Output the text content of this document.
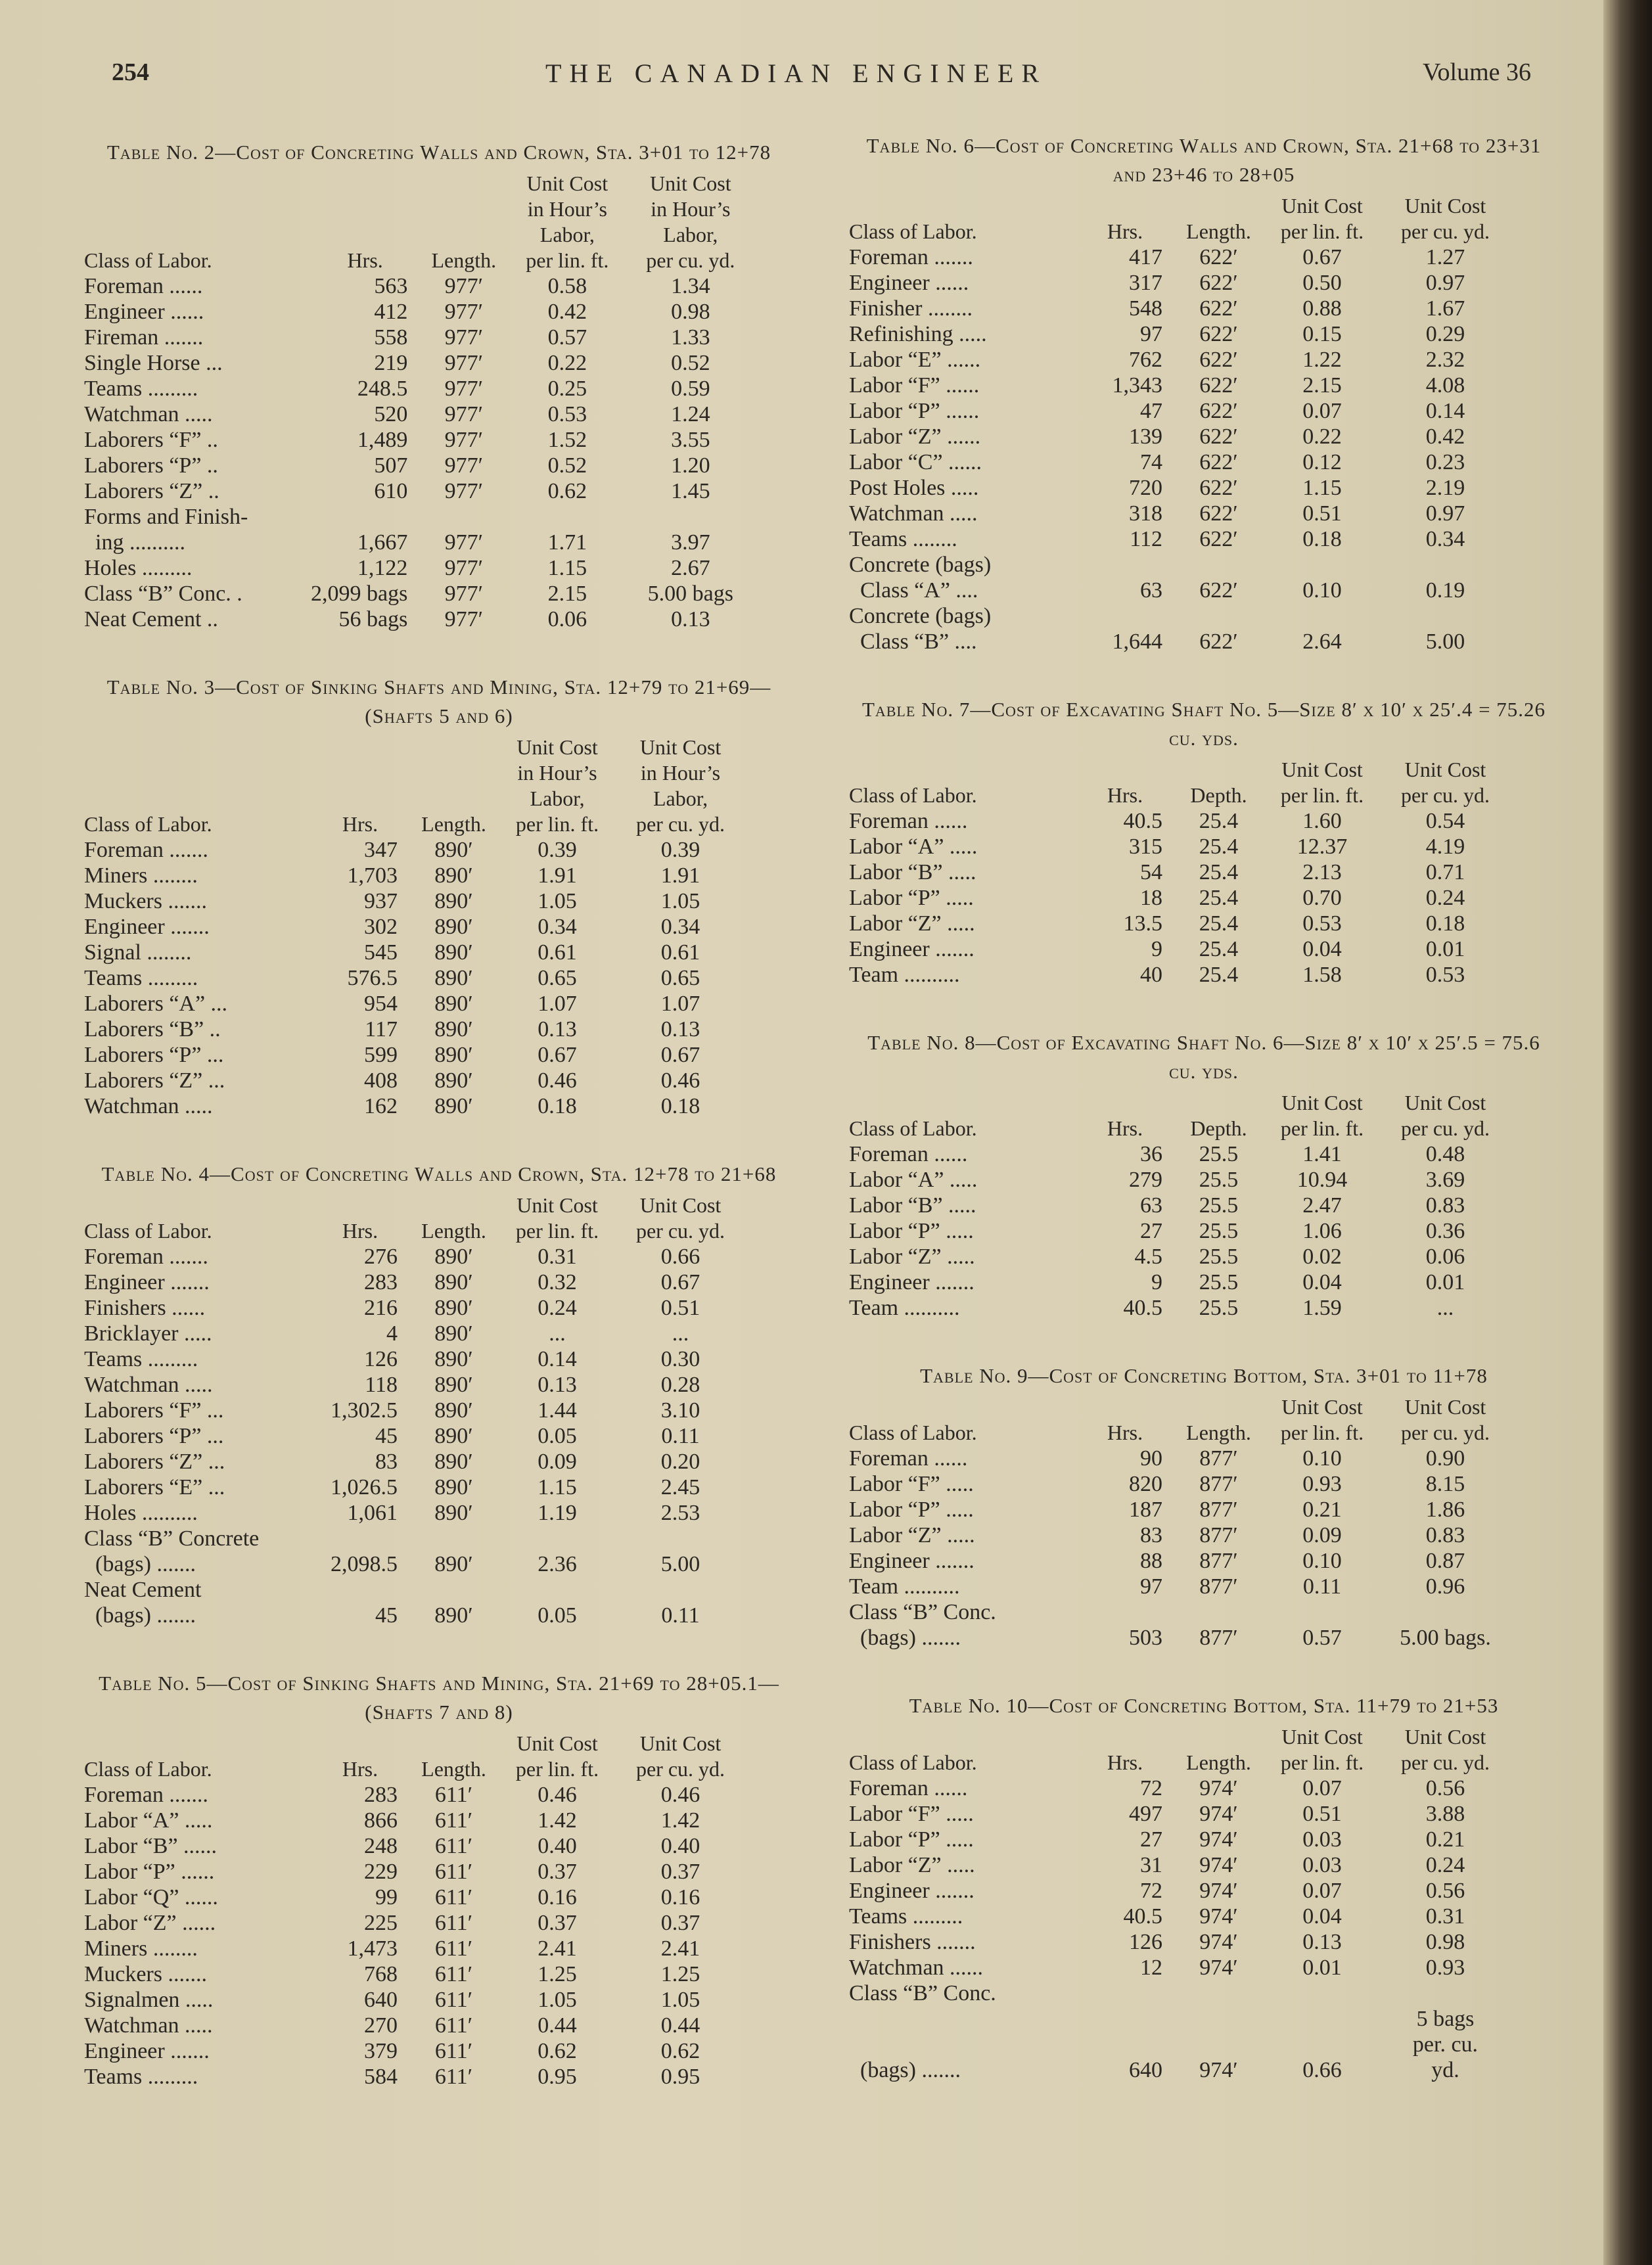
254	THE CANADIAN ENGINEER	Volume 36
Table No. 2—Cost of Concreting Walls and Crown, Sta. 3+01 to 12+78
Class of Labor.	Hrs.	Length.	Unit Cost
in Hour’s
Labor,
per lin. ft.	Unit Cost
in Hour’s
Labor,
per cu. yd.
Foreman ......	563	977′	0.58	1.34
Engineer ......	412	977′	0.42	0.98
Fireman .......	558	977′	0.57	1.33
Single Horse ...	219	977′	0.22	0.52
Teams .........	248.5	977′	0.25	0.59
Watchman .....	520	977′	0.53	1.24
Laborers “F” ..	1,489	977′	1.52	3.55
Laborers “P” ..	507	977′	0.52	1.20
Laborers “Z” ..	610	977′	0.62	1.45
Forms and Finish-				
ing ..........	1,667	977′	1.71	3.97
Holes .........	1,122	977′	1.15	2.67
Class “B” Conc. .	2,099 bags	977′	2.15	5.00 bags
Neat Cement ..	56 bags	977′	0.06	0.13
Table No. 3—Cost of Sinking Shafts and Mining, Sta. 12+79 to 21+69—(Shafts 5 and 6)
Class of Labor.	Hrs.	Length.	Unit Cost
in Hour’s
Labor,
per lin. ft.	Unit Cost
in Hour’s
Labor,
per cu. yd.
Foreman .......	347	890′	0.39	0.39
Miners ........	1,703	890′	1.91	1.91
Muckers .......	937	890′	1.05	1.05
Engineer .......	302	890′	0.34	0.34
Signal ........	545	890′	0.61	0.61
Teams .........	576.5	890′	0.65	0.65
Laborers “A” ...	954	890′	1.07	1.07
Laborers “B” ..	117	890′	0.13	0.13
Laborers “P” ...	599	890′	0.67	0.67
Laborers “Z” ...	408	890′	0.46	0.46
Watchman .....	162	890′	0.18	0.18
Table No. 4—Cost of Concreting Walls and Crown, Sta. 12+78 to 21+68
Class of Labor.	Hrs.	Length.	Unit Cost
per lin. ft.	Unit Cost
per cu. yd.
Foreman .......	276	890′	0.31	0.66
Engineer .......	283	890′	0.32	0.67
Finishers ......	216	890′	0.24	0.51
Bricklayer .....	4	890′	...	...
Teams .........	126	890′	0.14	0.30
Watchman .....	118	890′	0.13	0.28
Laborers “F” ...	1,302.5	890′	1.44	3.10
Laborers “P” ...	45	890′	0.05	0.11
Laborers “Z” ...	83	890′	0.09	0.20
Laborers “E” ...	1,026.5	890′	1.15	2.45
Holes ..........	1,061	890′	1.19	2.53
Class “B” Concrete				
(bags) .......	2,098.5	890′	2.36	5.00
Neat Cement				
(bags) .......	45	890′	0.05	0.11
Table No. 5—Cost of Sinking Shafts and Mining, Sta. 21+69 to 28+05.1—(Shafts 7 and 8)
Class of Labor.	Hrs.	Length.	Unit Cost
per lin. ft.	Unit Cost
per cu. yd.
Foreman .......	283	611′	0.46	0.46
Labor “A” .....	866	611′	1.42	1.42
Labor “B” ......	248	611′	0.40	0.40
Labor “P” ......	229	611′	0.37	0.37
Labor “Q” ......	99	611′	0.16	0.16
Labor “Z” ......	225	611′	0.37	0.37
Miners ........	1,473	611′	2.41	2.41
Muckers .......	768	611′	1.25	1.25
Signalmen .....	640	611′	1.05	1.05
Watchman .....	270	611′	0.44	0.44
Engineer .......	379	611′	0.62	0.62
Teams .........	584	611′	0.95	0.95
Table No. 6—Cost of Concreting Walls and Crown, Sta. 21+68 to 23+31 and 23+46 to 28+05
Class of Labor.	Hrs.	Length.	Unit Cost
per lin. ft.	Unit Cost
per cu. yd.
Foreman .......	417	622′	0.67	1.27
Engineer ......	317	622′	0.50	0.97
Finisher ........	548	622′	0.88	1.67
Refinishing .....	97	622′	0.15	0.29
Labor “E” ......	762	622′	1.22	2.32
Labor “F” ......	1,343	622′	2.15	4.08
Labor “P” ......	47	622′	0.07	0.14
Labor “Z” ......	139	622′	0.22	0.42
Labor “C” ......	74	622′	0.12	0.23
Post Holes .....	720	622′	1.15	2.19
Watchman .....	318	622′	0.51	0.97
Teams ........	112	622′	0.18	0.34
Concrete (bags)				
Class “A” ....	63	622′	0.10	0.19
Concrete (bags)				
Class “B” ....	1,644	622′	2.64	5.00
Table No. 7—Cost of Excavating Shaft No. 5—Size 8′ x 10′ x 25′.4 = 75.26 cu. yds.
Class of Labor.	Hrs.	Depth.	Unit Cost
per lin. ft.	Unit Cost
per cu. yd.
Foreman ......	40.5	25.4	1.60	0.54
Labor “A” .....	315	25.4	12.37	4.19
Labor “B” .....	54	25.4	2.13	0.71
Labor “P” .....	18	25.4	0.70	0.24
Labor “Z” .....	13.5	25.4	0.53	0.18
Engineer .......	9	25.4	0.04	0.01
Team ..........	40	25.4	1.58	0.53
Table No. 8—Cost of Excavating Shaft No. 6—Size 8′ x 10′ x 25′.5 = 75.6 cu. yds.
Class of Labor.	Hrs.	Depth.	Unit Cost
per lin. ft.	Unit Cost
per cu. yd.
Foreman ......	36	25.5	1.41	0.48
Labor “A” .....	279	25.5	10.94	3.69
Labor “B” .....	63	25.5	2.47	0.83
Labor “P” .....	27	25.5	1.06	0.36
Labor “Z” .....	4.5	25.5	0.02	0.06
Engineer .......	9	25.5	0.04	0.01
Team ..........	40.5	25.5	1.59	...
Table No. 9—Cost of Concreting Bottom, Sta. 3+01 to 11+78
Class of Labor.	Hrs.	Length.	Unit Cost
per lin. ft.	Unit Cost
per cu. yd.
Foreman ......	90	877′	0.10	0.90
Labor “F” .....	820	877′	0.93	8.15
Labor “P” .....	187	877′	0.21	1.86
Labor “Z” .....	83	877′	0.09	0.83
Engineer .......	88	877′	0.10	0.87
Team ..........	97	877′	0.11	0.96
Class “B” Conc.				
(bags) .......	503	877′	0.57	5.00 bags.
Table No. 10—Cost of Concreting Bottom, Sta. 11+79 to 21+53
Class of Labor.	Hrs.	Length.	Unit Cost
per lin. ft.	Unit Cost
per cu. yd.
Foreman ......	72	974′	0.07	0.56
Labor “F” .....	497	974′	0.51	3.88
Labor “P” .....	27	974′	0.03	0.21
Labor “Z” .....	31	974′	0.03	0.24
Engineer .......	72	974′	0.07	0.56
Teams .........	40.5	974′	0.04	0.31
Finishers .......	126	974′	0.13	0.98
Watchman ......	12	974′	0.01	0.93
Class “B” Conc.				
(bags) .......	640	974′	0.66	5 bags
per. cu.
yd.
